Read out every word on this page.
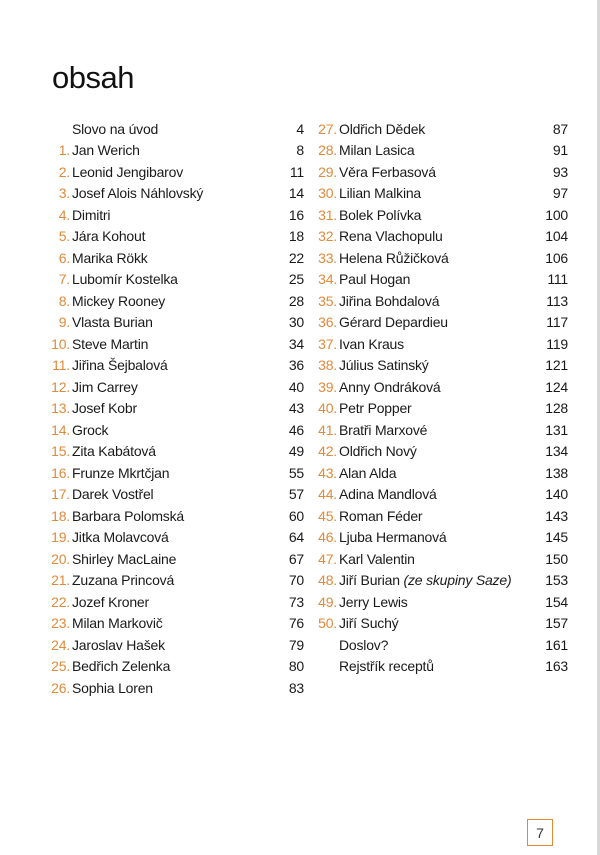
obsah
Slovo na úvod	4
1. Jan Werich	8
2. Leonid Jengibarov	11
3. Josef Alois Náhlovský	14
4. Dimitri	16
5. Jára Kohout	18
6. Marika Rökk	22
7. Lubomír Kostelka	25
8. Mickey Rooney	28
9. Vlasta Burian	30
10. Steve Martin	34
11. Jiřina Šejbalová	36
12. Jim Carrey	40
13. Josef Kobr	43
14. Grock	46
15. Zita Kabátová	49
16. Frunze Mkrtčjan	55
17. Darek Vostřel	57
18. Barbara Polomská	60
19. Jitka Molavcová	64
20. Shirley MacLaine	67
21. Zuzana Princová	70
22. Jozef Kroner	73
23. Milan Markovič	76
24. Jaroslav Hašek	79
25. Bedřich Zelenka	80
26. Sophia Loren	83
27. Oldřich Dědek	87
28. Milan Lasica	91
29. Věra Ferbasová	93
30. Lilian Malkina	97
31. Bolek Polívka	100
32. Rena Vlachopulu	104
33. Helena Růžičková	106
34. Paul Hogan	111
35. Jiřina Bohdalová	113
36. Gérard Depardieu	117
37. Ivan Kraus	119
38. Július Satinský	121
39. Anny Ondráková	124
40. Petr Popper	128
41. Bratři Marxové	131
42. Oldřich Nový	134
43. Alan Alda	138
44. Adina Mandlová	140
45. Roman Féder	143
46. Ljuba Hermanová	145
47. Karl Valentin	150
48. Jiří Burian (ze skupiny Saze)	153
49. Jerry Lewis	154
50. Jiří Suchý	157
Doslov?	161
Rejstřík receptů	163
7
